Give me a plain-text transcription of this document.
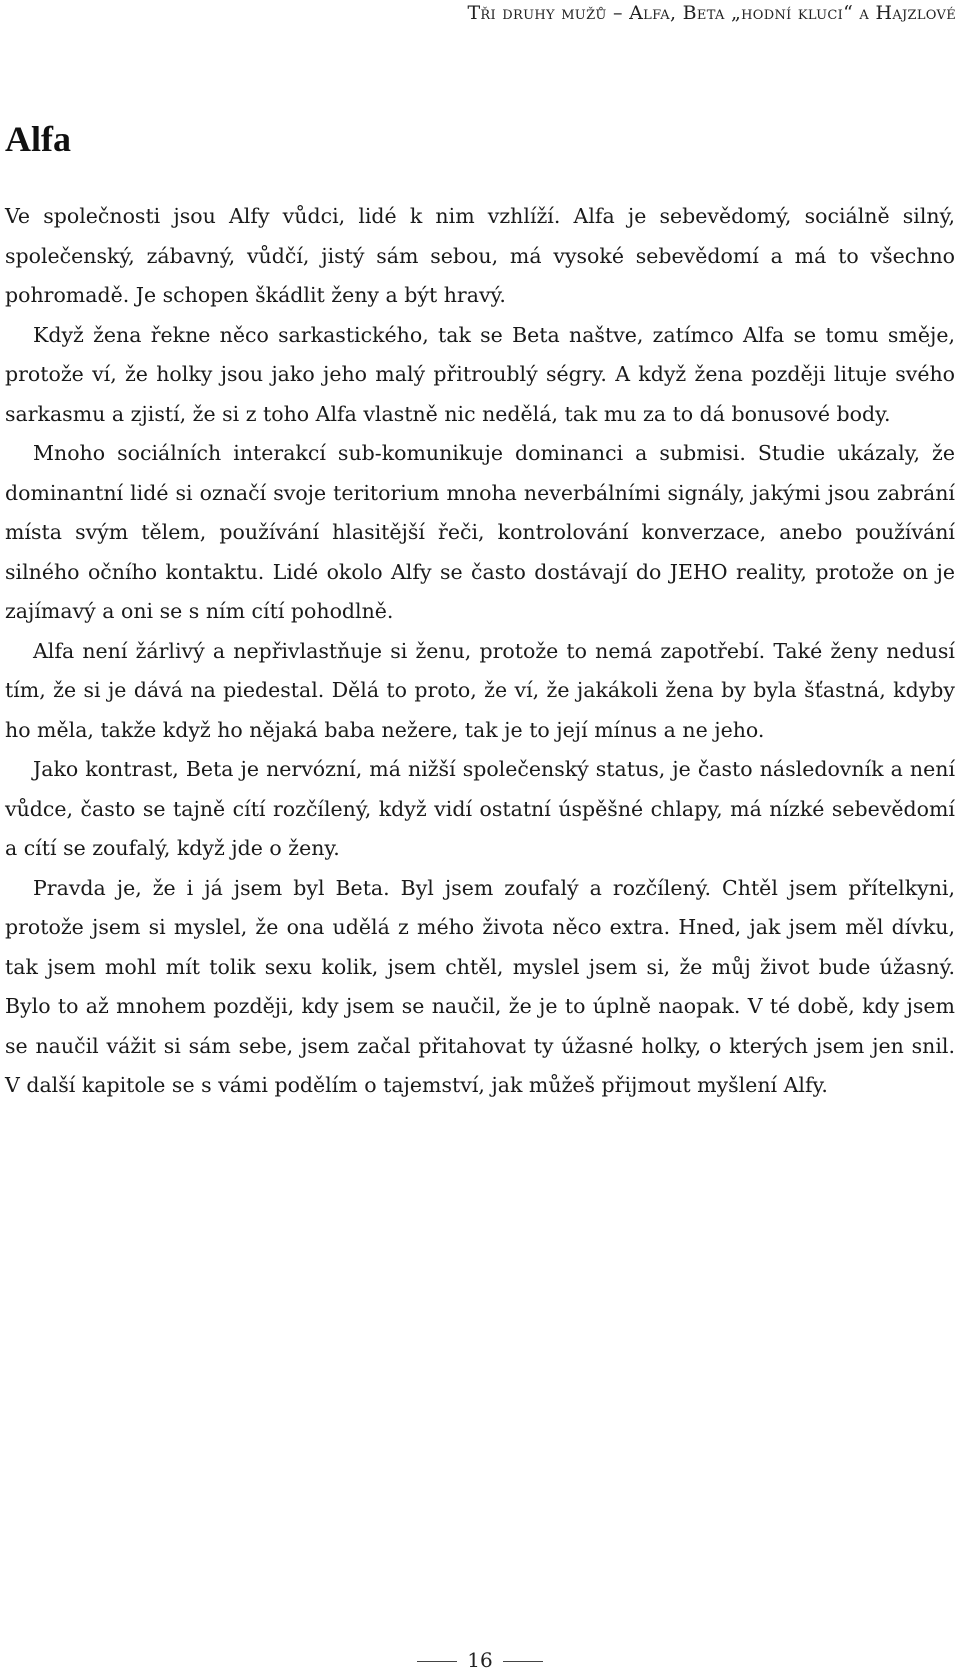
Tři druhy mužů – Alfa, Beta „hodní kluci“ a Hajzlové
Alfa

Ve společnosti jsou Alfy vůdci, lidé k nim vzhlíží. Alfa je sebevědomý, sociálně silný, společenský, zábavný, vůdčí, jistý sám sebou, má vysoké sebevědomí a má to všechno pohromadě. Je schopen škádlit ženy a být hravý.

Když žena řekne něco sarkastického, tak se Beta naštve, zatímco Alfa se tomu směje, protože ví, že holky jsou jako jeho malý přitroublý ségry. A když žena později lituje svého sarkasmu a zjistí, že si z toho Alfa vlastně nic nedělá, tak mu za to dá bonusové body.

Mnoho sociálních interakcí sub-komunikuje dominanci a submisi. Studie ukázaly, že dominantní lidé si označí svoje teritorium mnoha neverbálními signály, jakými jsou zabrání místa svým tělem, používání hlasitější řeči, kontrolování konverzace, anebo používání silného očního kontaktu. Lidé okolo Alfy se často dostávají do JEHO reality, protože on je zajímavý a oni se s ním cítí pohodlně.

Alfa není žárlivý a nepřivlastňuje si ženu, protože to nemá zapotřebí. Také ženy nedusí tím, že si je dává na piedestal. Dělá to proto, že ví, že jakákoli žena by byla šťastná, kdyby ho měla, takže když ho nějaká baba nežere, tak je to její mínus a ne jeho.

Jako kontrast, Beta je nervózní, má nižší společenský status, je často následovník a není vůdce, často se tajně cítí rozčílený, když vidí ostatní úspěšné chlapy, má nízké sebevědomí a cítí se zoufalý, když jde o ženy.

Pravda je, že i já jsem byl Beta. Byl jsem zoufalý a rozčílený. Chtěl jsem přítelkyni, protože jsem si myslel, že ona udělá z mého života něco extra. Hned, jak jsem měl dívku, tak jsem mohl mít tolik sexu kolik, jsem chtěl, myslel jsem si, že můj život bude úžasný. Bylo to až mnohem později, kdy jsem se naučil, že je to úplně naopak. V té době, kdy jsem se naučil vážit si sám sebe, jsem začal přitahovat ty úžasné holky, o kterých jsem jen snil. V další kapitole se s vámi podělím o tajemství, jak můžeš přijmout myšlení Alfy.

16
